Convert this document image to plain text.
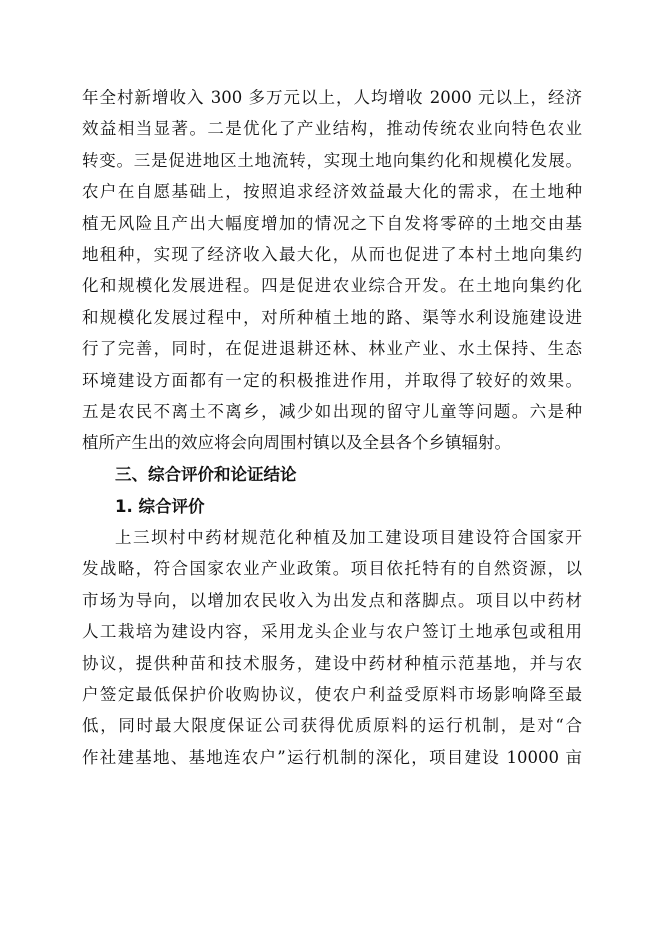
年全村新增收入 300 多万元以上，人均增收 2000 元以上，经济
效益相当显著。二是优化了产业结构，推动传统农业向特色农业
转变。三是促进地区土地流转，实现土地向集约化和规模化发展。
农户在自愿基础上，按照追求经济效益最大化的需求，在土地种
植无风险且产出大幅度增加的情况之下自发将零碎的土地交由基
地租种，实现了经济收入最大化，从而也促进了本村土地向集约
化和规模化发展进程。四是促进农业综合开发。在土地向集约化
和规模化发展过程中，对所种植土地的路、渠等水利设施建设进
行了完善，同时，在促进退耕还林、林业产业、水土保持、生态
环境建设方面都有一定的积极推进作用，并取得了较好的效果。
五是农民不离土不离乡，减少如出现的留守儿童等问题。六是种
植所产生出的效应将会向周围村镇以及全县各个乡镇辐射。
三、综合评价和论证结论
1. 综合评价
上三坝村中药材规范化种植及加工建设项目建设符合国家开
发战略，符合国家农业产业政策。项目依托特有的自然资源，以
市场为导向，以增加农民收入为出发点和落脚点。项目以中药材
人工栽培为建设内容，采用龙头企业与农户签订土地承包或租用
协议，提供种苗和技术服务，建设中药材种植示范基地，并与农
户签定最低保护价收购协议，使农户利益受原料市场影响降至最
低，同时最大限度保证公司获得优质原料的运行机制，是对“合
作社建基地、基地连农户”运行机制的深化，项目建设 10000 亩
